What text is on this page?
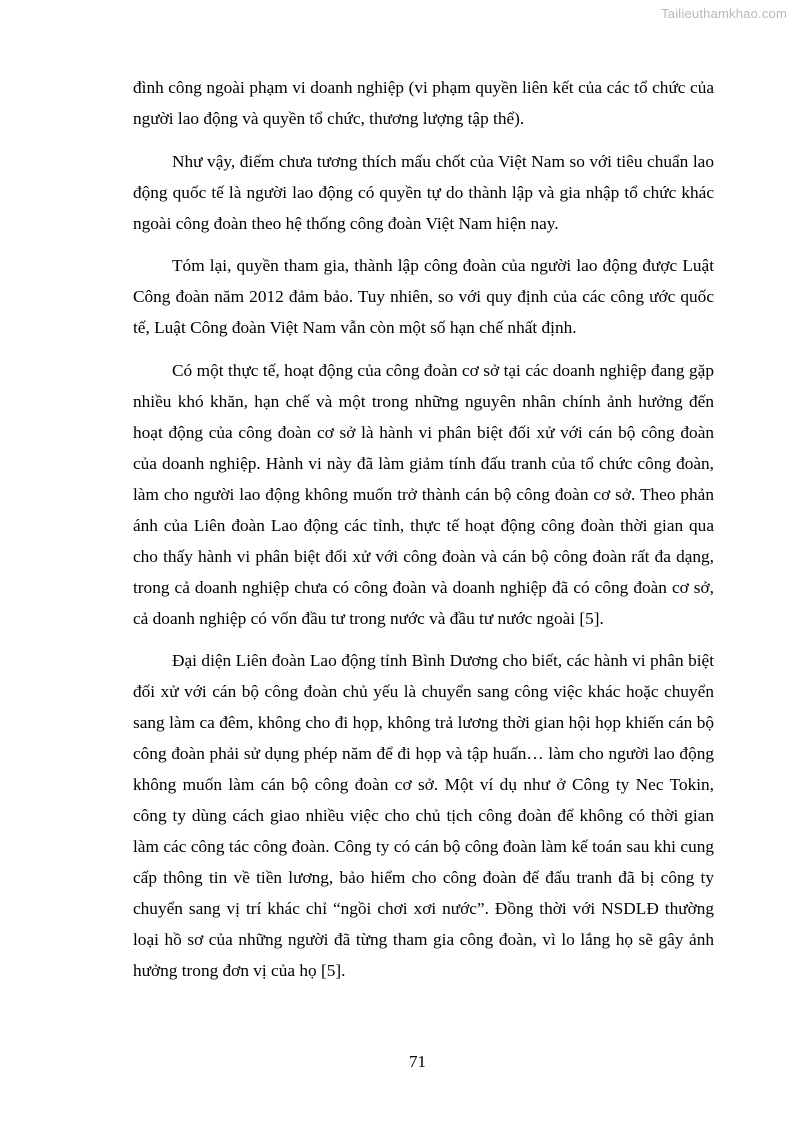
Tailieuthamkhao.com

đình công ngoài phạm vi doanh nghiệp (vi phạm quyền liên kết của các tổ chức của người lao động và quyền tổ chức, thương lượng tập thể).

Như vậy, điểm chưa tương thích mấu chốt của Việt Nam so với tiêu chuẩn lao động quốc tế là người lao động có quyền tự do thành lập và gia nhập tổ chức khác ngoài công đoàn theo hệ thống công đoàn Việt Nam hiện nay.

Tóm lại, quyền tham gia, thành lập công đoàn của người lao động được Luật Công đoàn năm 2012 đảm bảo. Tuy nhiên, so với quy định của các công ước quốc tế, Luật Công đoàn Việt Nam vẫn còn một số hạn chế nhất định.

Có một thực tế, hoạt động của công đoàn cơ sở tại các doanh nghiệp đang gặp nhiều khó khăn, hạn chế và một trong những nguyên nhân chính ảnh hưởng đến hoạt động của công đoàn cơ sở là hành vi phân biệt đối xử với cán bộ công đoàn của doanh nghiệp. Hành vi này đã làm giảm tính đấu tranh của tổ chức công đoàn, làm cho người lao động không muốn trở thành cán bộ công đoàn cơ sở. Theo phản ánh của Liên đoàn Lao động các tỉnh, thực tế hoạt động công đoàn thời gian qua cho thấy hành vi phân biệt đối xử với công đoàn và cán bộ công đoàn rất đa dạng, trong cả doanh nghiệp chưa có công đoàn và doanh nghiệp đã có công đoàn cơ sở, cả doanh nghiệp có vốn đầu tư trong nước và đầu tư nước ngoài [5].

Đại diện Liên đoàn Lao động tỉnh Bình Dương cho biết, các hành vi phân biệt đối xử với cán bộ công đoàn chủ yếu là chuyển sang công việc khác hoặc chuyển sang làm ca đêm, không cho đi họp, không trả lương thời gian hội họp khiến cán bộ công đoàn phải sử dụng phép năm để đi họp và tập huấn… làm cho người lao động không muốn làm cán bộ công đoàn cơ sở. Một ví dụ như ở Công ty Nec Tokin, công ty dùng cách giao nhiều việc cho chủ tịch công đoàn để không có thời gian làm các công tác công đoàn. Công ty có cán bộ công đoàn làm kế toán sau khi cung cấp thông tin về tiền lương, bảo hiểm cho công đoàn để đấu tranh đã bị công ty chuyển sang vị trí khác chỉ “ngồi chơi xơi nước”. Đồng thời với NSDLĐ thường loại hồ sơ của những người đã từng tham gia công đoàn, vì lo lắng họ sẽ gây ảnh hưởng trong đơn vị của họ [5].

71
